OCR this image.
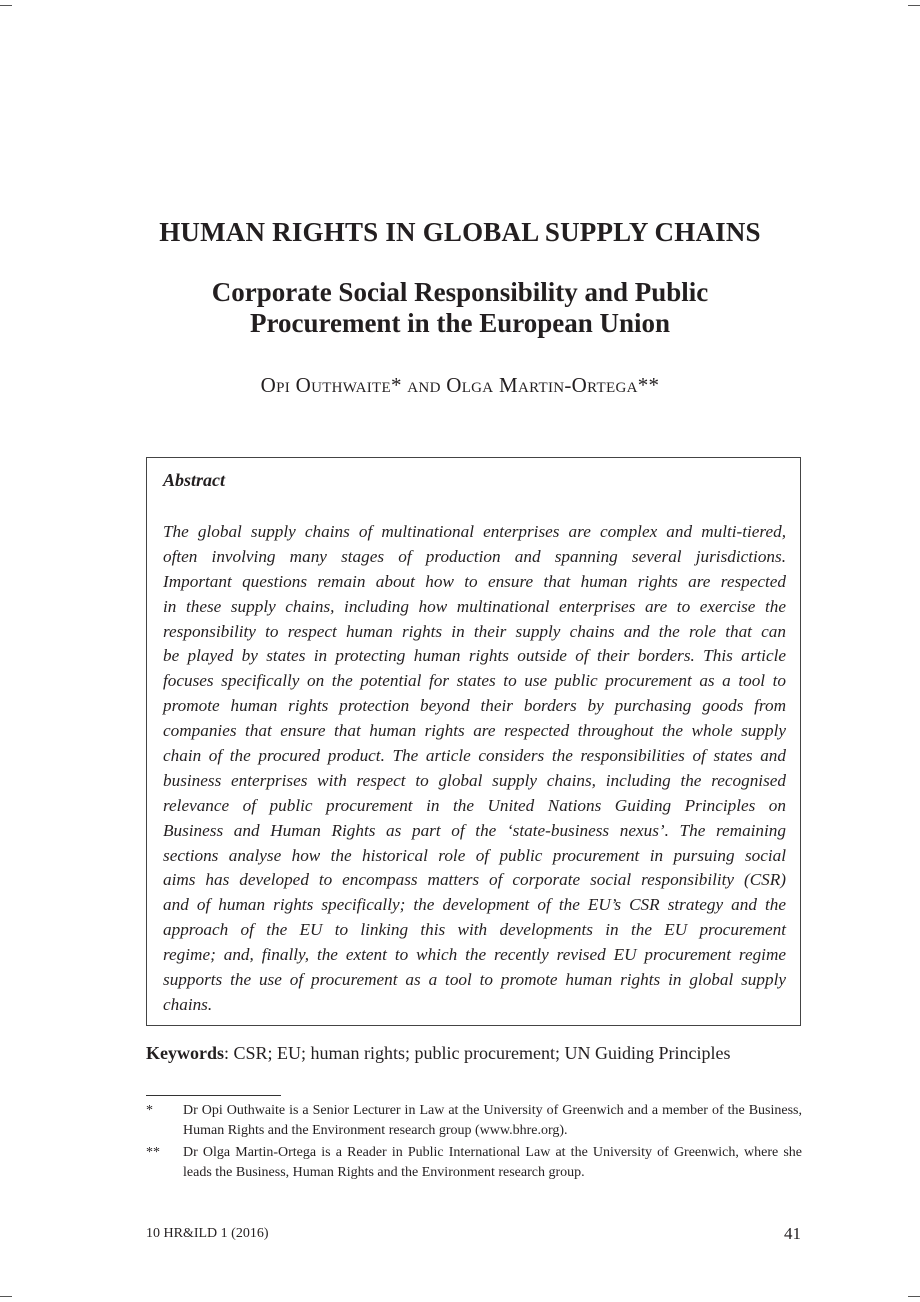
HUMAN RIGHTS IN GLOBAL SUPPLY CHAINS
Corporate Social Responsibility and Public
Procurement in the European Union
Opi Outhwaite* and Olga Martin-Ortega**
Abstract
The global supply chains of multinational enterprises are complex and multi-tiered,
often involving many stages of production and spanning several jurisdictions.
Important questions remain about how to ensure that human rights are respected
in these supply chains, including how multinational enterprises are to exercise the
responsibility to respect human rights in their supply chains and the role that can
be played by states in protecting human rights outside of their borders. This article
focuses specifically on the potential for states to use public procurement as a tool to
promote human rights protection beyond their borders by purchasing goods from
companies that ensure that human rights are respected throughout the whole supply
chain of the procured product. The article considers the responsibilities of states and
business enterprises with respect to global supply chains, including the recognised
relevance of public procurement in the United Nations Guiding Principles on
Business and Human Rights as part of the ‘state-business nexus’. The remaining
sections analyse how the historical role of public procurement in pursuing social
aims has developed to encompass matters of corporate social responsibility (CSR)
and of human rights specifically; the development of the EU’s CSR strategy and the
approach of the EU to linking this with developments in the EU procurement
regime; and, finally, the extent to which the recently revised EU procurement regime
supports the use of procurement as a tool to promote human rights in global supply
chains.
Keywords: CSR; EU; human rights; public procurement; UN Guiding Principles
* Dr Opi Outhwaite is a Senior Lecturer in Law at the University of Greenwich and a member of the Business, Human Rights and the Environment research group (www.bhre.org).
** Dr Olga Martin-Ortega is a Reader in Public International Law at the University of Greenwich, where she leads the Business, Human Rights and the Environment research group.
10 HR&ILD 1 (2016)	41
